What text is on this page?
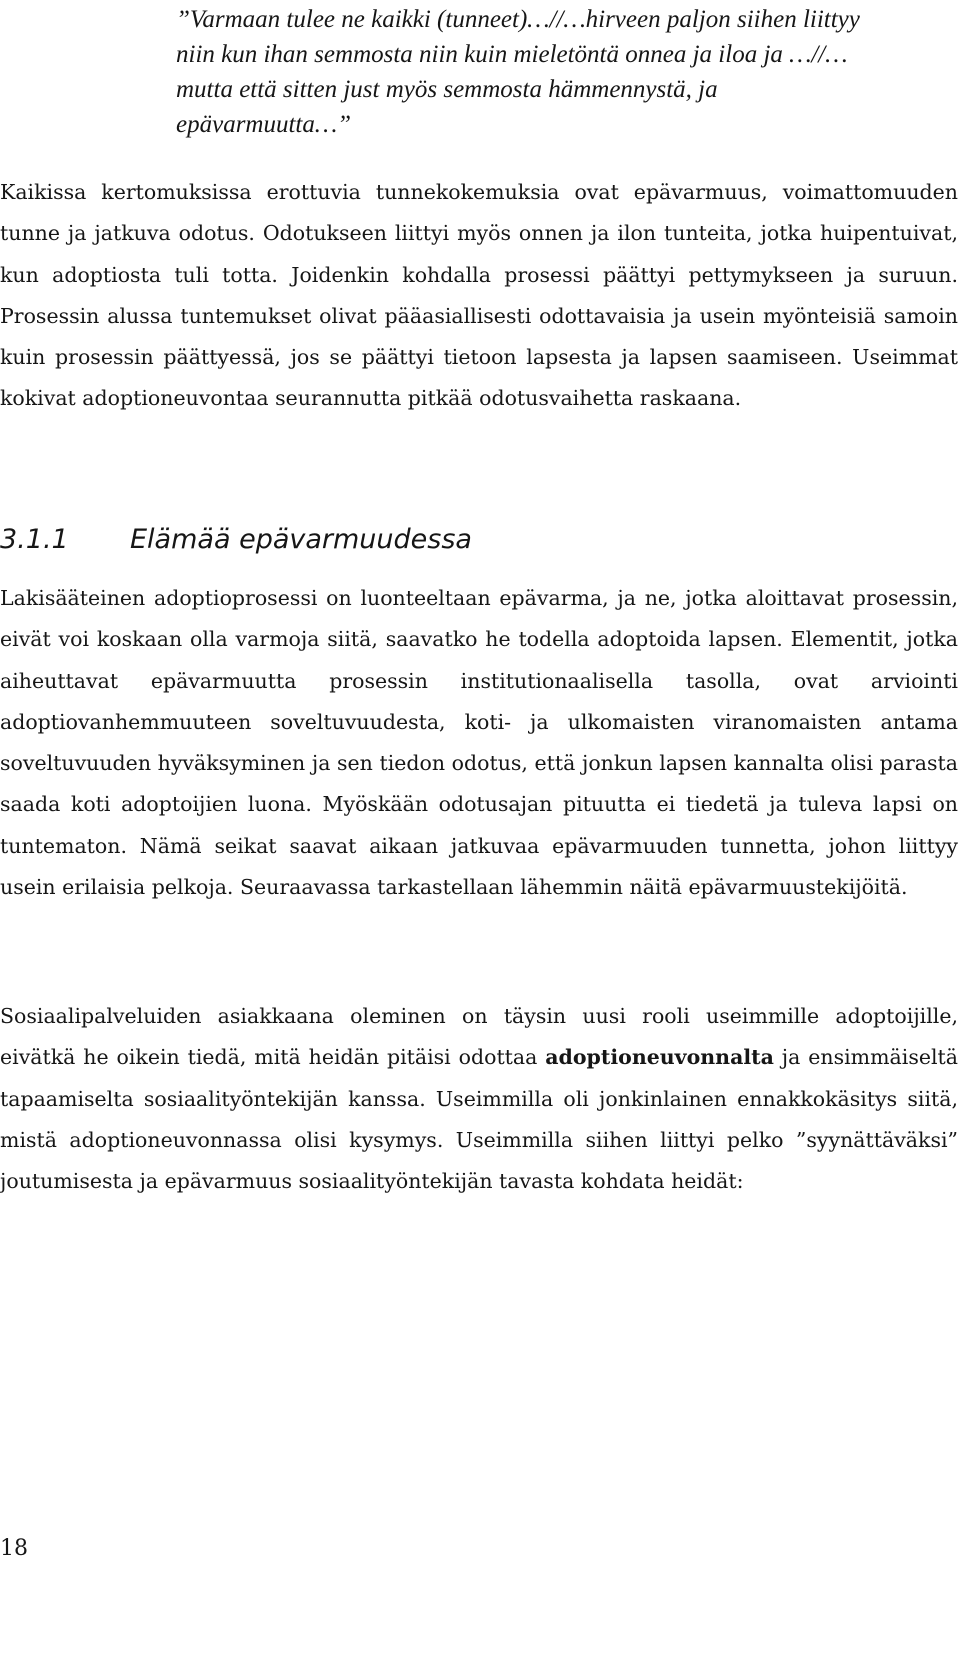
”Varmaan tulee ne kaikki (tunneet)…//…hirveen paljon siihen liittyy niin kun ihan semmosta niin kuin mieletöntä onnea ja iloa ja …//…mutta että sitten just myös semmosta hämmennystä, ja epävarmuutta…”
Kaikissa kertomuksissa erottuvia tunnekokemuksia ovat epävarmuus, voimattomuuden tunne ja jatkuva odotus. Odotukseen liittyi myös onnen ja ilon tunteita, jotka huipentuivat, kun adoptiosta tuli totta. Joidenkin kohdalla prosessi päättyi pettymykseen ja suruun. Prosessin alussa tuntemukset olivat pääasiallisesti odottavaisia ja usein myönteisiä samoin kuin prosessin päättyessä, jos se päättyi tietoon lapsesta ja lapsen saamiseen. Useimmat kokivat adoptioneuvontaa seurannutta pitkää odotusvaihetta raskaana.
3.1.1 Elämää epävarmuudessa
Lakisääteinen adoptioprosessi on luonteeltaan epävarma, ja ne, jotka aloittavat prosessin, eivät voi koskaan olla varmoja siitä, saavatko he todella adoptoida lapsen. Elementit, jotka aiheuttavat epävarmuutta prosessin institutionaalisella tasolla, ovat arviointi adoptiovanhemmuuteen soveltuvuudesta, koti- ja ulkomaisten viranomaisten antama soveltuvuuden hyväksyminen ja sen tiedon odotus, että jonkun lapsen kannalta olisi parasta saada koti adoptoijien luona. Myöskään odotusajan pituutta ei tiedetä ja tuleva lapsi on tuntematon. Nämä seikat saavat aikaan jatkuvaa epävarmuuden tunnetta, johon liittyy usein erilaisia pelkoja. Seuraavassa tarkastellaan lähemmin näitä epävarmuustekijöitä.
Sosiaalipalveluiden asiakkaana oleminen on täysin uusi rooli useimmille adoptoijille, eivätkä he oikein tiedä, mitä heidän pitäisi odottaa adoptioneuvonnalta ja ensimmäiseltä tapaamiselta sosiaalityöntekijän kanssa. Useimmilla oli jonkinlainen ennakkokäsitys siitä, mistä adoptioneuvonnassa olisi kysymys. Useimmilla siihen liittyi pelko ”syynättäväksi” joutumisesta ja epävarmuus sosiaalityöntekijän tavasta kohdata heidät:
18
